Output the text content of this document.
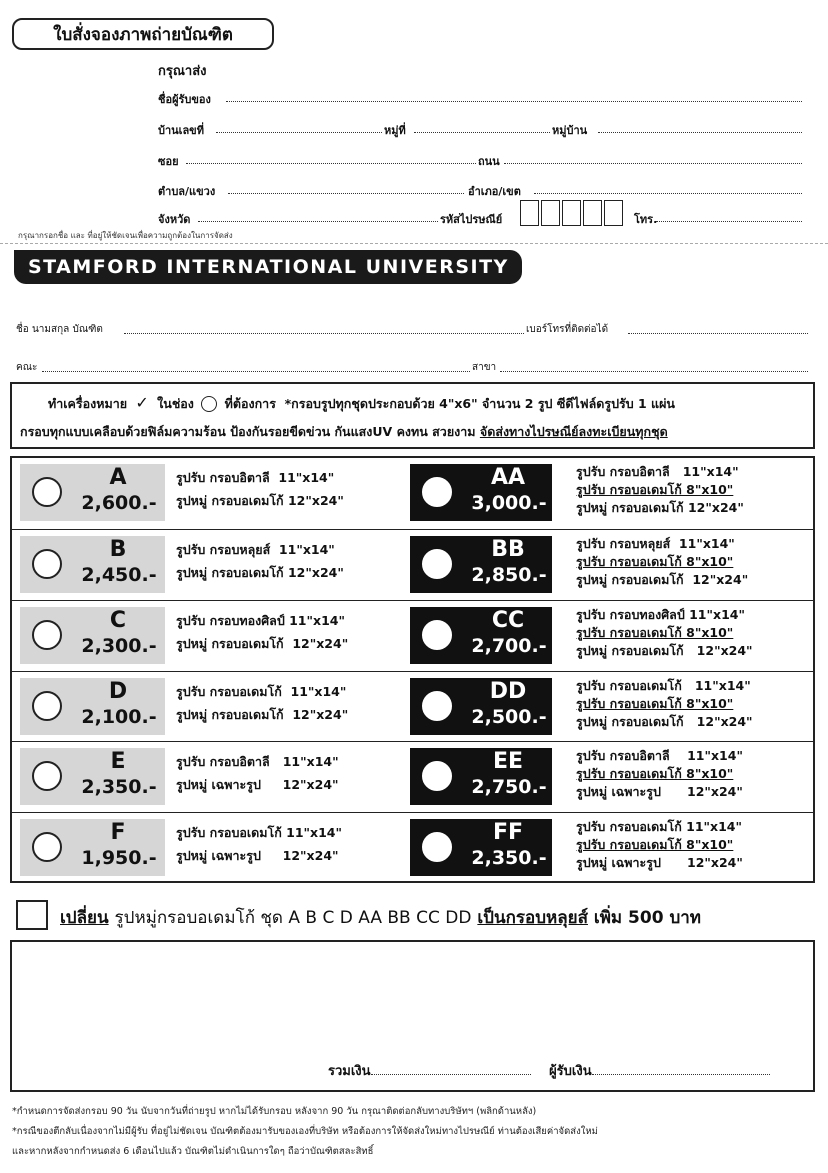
ใบสั่งจองภาพถ่ายบัณฑิต
กรุณาส่ง
ชื่อผู้รับของ
บ้านเลขที่	หมู่ที่	หมู่บ้าน
ซอย	ถนน
ตำบล/แขวง	อำเภอ/เขต
จังหวัด	รหัสไปรษณีย์	โทร.
กรุณากรอกชื่อ และ ที่อยู่ให้ชัดเจนเพื่อความถูกต้องในการจัดส่ง
STAMFORD INTERNATIONAL UNIVERSITY
ชื่อ นามสกุล บัณฑิต	เบอร์โทรที่ติดต่อได้
คณะ	สาขา
ทำเครื่องหมาย ✓ ในช่อง ที่ต้องการ *กรอบรูปทุกชุดประกอบด้วย 4"x6" จำนวน 2 รูป ซีดีไฟล์ดรูปรับ 1 แผ่น
กรอบทุกแบบเคลือบด้วยฟิล์มความร้อน ป้องกันรอยขีดข่วน กันแสงUV คงทน สวยงาม จัดส่งทางไปรษณีย์ลงทะเบียนทุกชุด
A
2,600.-
รูปรับ กรอบอิตาลี  11"x14"
รูปหมู่ กรอบอเดมโก้ 12"x24"
AA
3,000.-
รูปรับ กรอบอิตาลี   11"x14"
รูปรับ กรอบอเดมโก้ 8"x10"
รูปหมู่ กรอบอเดมโก้ 12"x24"
B
2,450.-
รูปรับ กรอบหลุยส์  11"x14"
รูปหมู่ กรอบอเดมโก้ 12"x24"
BB
2,850.-
รูปรับ กรอบหลุยส์  11"x14"
รูปรับ กรอบอเดมโก้ 8"x10"
รูปหมู่ กรอบอเดมโก้  12"x24"
C
2,300.-
รูปรับ กรอบทองศิลป์ 11"x14"
รูปหมู่ กรอบอเดมโก้  12"x24"
CC
2,700.-
รูปรับ กรอบทองศิลป์ 11"x14"
รูปรับ กรอบอเดมโก้ 8"x10"
รูปหมู่ กรอบอเดมโก้   12"x24"
D
2,100.-
รูปรับ กรอบอเดมโก้  11"x14"
รูปหมู่ กรอบอเดมโก้  12"x24"
DD
2,500.-
รูปรับ กรอบอเดมโก้   11"x14"
รูปรับ กรอบอเดมโก้ 8"x10"
รูปหมู่ กรอบอเดมโก้   12"x24"
E
2,350.-
รูปรับ กรอบอิตาลี   11"x14"
รูปหมู่ เฉพาะรูป     12"x24"
EE
2,750.-
รูปรับ กรอบอิตาลี    11"x14"
รูปรับ กรอบอเดมโก้ 8"x10"
รูปหมู่ เฉพาะรูป      12"x24"
F
1,950.-
รูปรับ กรอบอเดมโก้ 11"x14"
รูปหมู่ เฉพาะรูป     12"x24"
FF
2,350.-
รูปรับ กรอบอเดมโก้ 11"x14"
รูปรับ กรอบอเดมโก้ 8"x10"
รูปหมู่ เฉพาะรูป      12"x24"
เปลี่ยน รูปหมู่กรอบอเดมโก้ ชุด A B C D AA BB CC DD เป็นกรอบหลุยส์ เพิ่ม 500 บาท
รวมเงิน	ผู้รับเงิน
*กำหนดการจัดส่งกรอบ 90 วัน นับจากวันที่ถ่ายรูป หากไม่ได้รับกรอบ หลังจาก 90 วัน กรุณาติดต่อกลับทางบริษัทฯ (พลิกด้านหลัง)
*กรณีของตีกลับเนื่องจากไม่มีผู้รับ ที่อยู่ไม่ชัดเจน บัณฑิตต้องมารับของเองที่บริษัท หรือต้องการให้จัดส่งใหม่ทางไปรษณีย์ ท่านต้องเสียค่าจัดส่งใหม่
และหากหลังจากกำหนดส่ง 6 เดือนไปแล้ว บัณฑิตไม่ดำเนินการใดๆ ถือว่าบัณฑิตสละสิทธิ์
